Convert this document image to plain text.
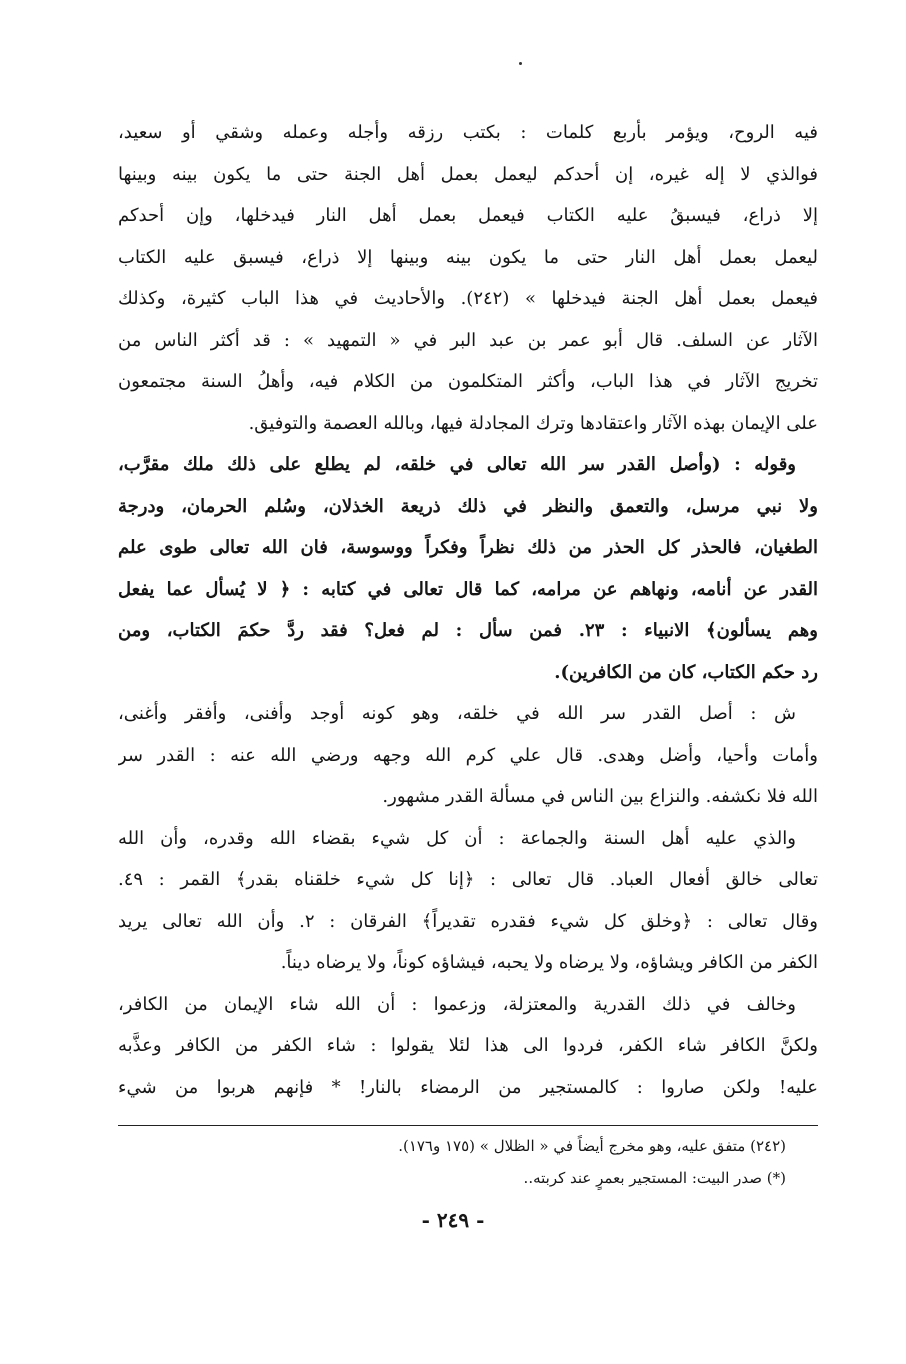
فيه الروح، ويؤمر بأربع كلمات : بكتب رزقه وأجله وعمله وشقي أو سعيد،
فوالذي لا إله غيره، إن أحدكم ليعمل بعمل أهل الجنة حتى ما يكون بينه وبينها
إلا ذراع، فيسبقُ عليه الكتاب فيعمل بعمل أهل النار فيدخلها، وإن أحدكم
ليعمل بعمل أهل النار حتى ما يكون بينه وبينها إلا ذراع، فيسبق عليه الكتاب
فيعمل بعمل أهل الجنة فيدخلها » (٢٤٢). والأحاديث في هذا الباب كثيرة، وكذلك
الآثار عن السلف. قال أبو عمر بن عبد البر في « التمهيد » : قد أكثر الناس من
تخريج الآثار في هذا الباب، وأكثر المتكلمون من الكلام فيه، وأهلُ السنة مجتمعون
على الإيمان بهذه الآثار واعتقادها وترك المجادلة فيها، وبالله العصمة والتوفيق.
وقوله : (وأصل القدر سر الله تعالى في خلقه، لم يطلع على ذلك ملك مقرَّب،
ولا نبي مرسل، والتعمق والنظر في ذلك ذريعة الخذلان، وسُلم الحرمان، ودرجة
الطغيان، فالحذر كل الحذر من ذلك نظراً وفكراً ووسوسة، فان الله تعالى طوى علم
القدر عن أنامه، ونهاهم عن مرامه، كما قال تعالى في كتابه : ﴿ لا يُسأل عما يفعل
وهم يسألون﴾ الانبياء : ٢٣. فمن سأل : لم فعل؟ فقد ردَّ حكمَ الكتاب، ومن
رد حكم الكتاب، كان من الكافرين).
ش : أصل القدر سر الله في خلقه، وهو كونه أوجد وأفنى، وأفقر وأغنى،
وأمات وأحيا، وأضل وهدى. قال علي كرم الله وجهه ورضي الله عنه : القدر سر
الله فلا نكشفه. والنزاع بين الناس في مسألة القدر مشهور.
والذي عليه أهل السنة والجماعة : أن كل شيء بقضاء الله وقدره، وأن الله
تعالى خالق أفعال العباد. قال تعالى : ﴿إنا كل شيء خلقناه بقدر﴾ القمر : ٤٩.
وقال تعالى : ﴿وخلق كل شيء فقدره تقديراً﴾ الفرقان : ٢. وأن الله تعالى يريد
الكفر من الكافر ويشاؤه، ولا يرضاه ولا يحبه، فيشاؤه كوناً، ولا يرضاه ديناً.
وخالف في ذلك القدرية والمعتزلة، وزعموا : أن الله شاء الإيمان من الكافر،
ولكنَّ الكافر شاء الكفر، فردوا الى هذا لئلا يقولوا : شاء الكفر من الكافر وعذَّبه
عليه! ولكن صاروا : كالمستجير من الرمضاء بالنار! * فإنهم هربوا من شيء
(٢٤٢) متفق عليه، وهو مخرج أيضاً في « الظلال » (١٧٥ و١٧٦).
(*) صدر البيت: المستجير بعمرٍ عند كربته..
- ٢٤٩ -
